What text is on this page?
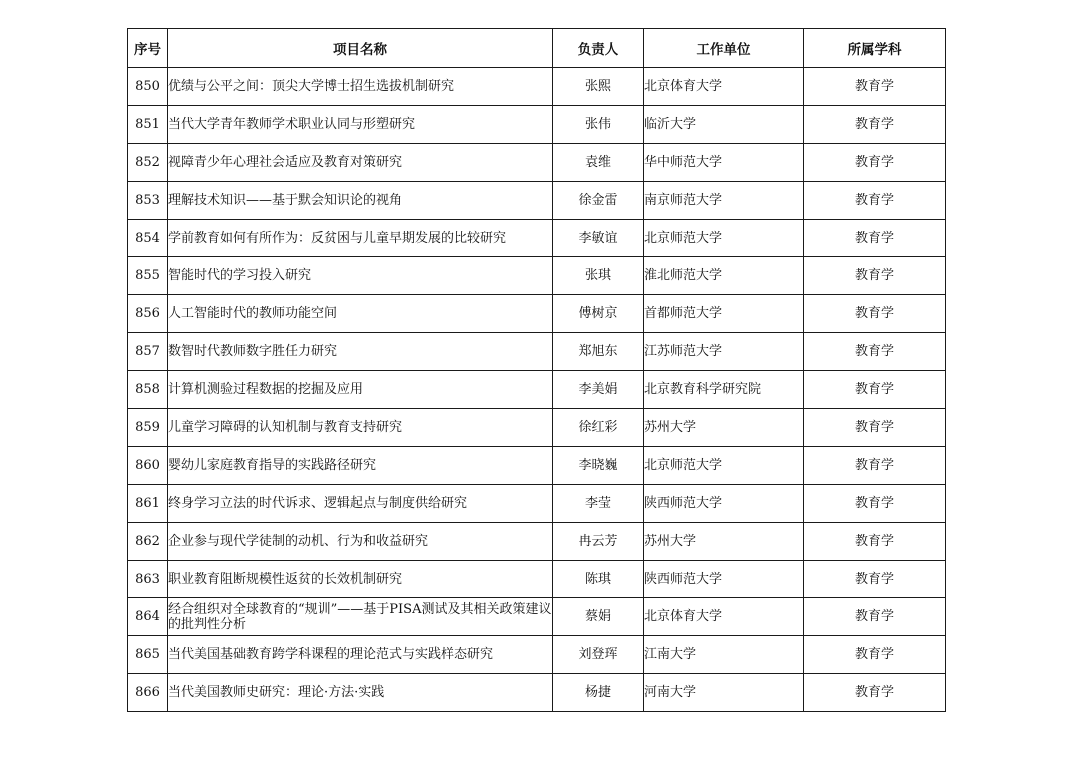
序号	项目名称	负责人	工作单位	所属学科
850	优绩与公平之间：顶尖大学博士招生选拔机制研究	张熙	北京体育大学	教育学
851	当代大学青年教师学术职业认同与形塑研究	张伟	临沂大学	教育学
852	视障青少年心理社会适应及教育对策研究	袁维	华中师范大学	教育学
853	理解技术知识——基于默会知识论的视角	徐金雷	南京师范大学	教育学
854	学前教育如何有所作为：反贫困与儿童早期发展的比较研究	李敏谊	北京师范大学	教育学
855	智能时代的学习投入研究	张琪	淮北师范大学	教育学
856	人工智能时代的教师功能空间	傅树京	首都师范大学	教育学
857	数智时代教师数字胜任力研究	郑旭东	江苏师范大学	教育学
858	计算机测验过程数据的挖掘及应用	李美娟	北京教育科学研究院	教育学
859	儿童学习障碍的认知机制与教育支持研究	徐红彩	苏州大学	教育学
860	婴幼儿家庭教育指导的实践路径研究	李晓巍	北京师范大学	教育学
861	终身学习立法的时代诉求、逻辑起点与制度供给研究	李莹	陕西师范大学	教育学
862	企业参与现代学徒制的动机、行为和收益研究	冉云芳	苏州大学	教育学
863	职业教育阻断规模性返贫的长效机制研究	陈琪	陕西师范大学	教育学
864	经合组织对全球教育的“规训”——基于PISA测试及其相关政策建议的批判性分析	蔡娟	北京体育大学	教育学
865	当代美国基础教育跨学科课程的理论范式与实践样态研究	刘登珲	江南大学	教育学
866	当代美国教师史研究：理论·方法·实践	杨捷	河南大学	教育学
